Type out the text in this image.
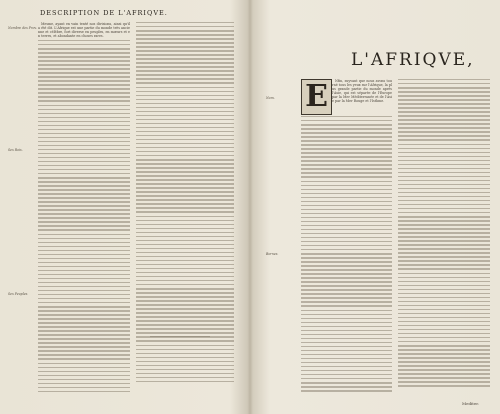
DESCRIPTION DE L'AFRIQVE.

Mesme, ayant en vain tenté nos divisions, ainsi qu'il a été dit. L'Afrique est une partie du monde très ancienne et célèbre, fort diverse en peuples, en mœurs et en terres, et abondante en choses rares.

Nombre des Prov.
Ses Rois.
Ses Peuples.
L'AFRIQVE,
E	Nfin, suyvant que nous avons tourné tous les yeux sur l'Afrique, la plus grande partie du monde après l'Asie, qui est séparée de l'Europe par la Mer Méditerranée et de l'Asie par la Mer Rouge et l'Isthme.

Nom.
Bornes.
Mediter.
